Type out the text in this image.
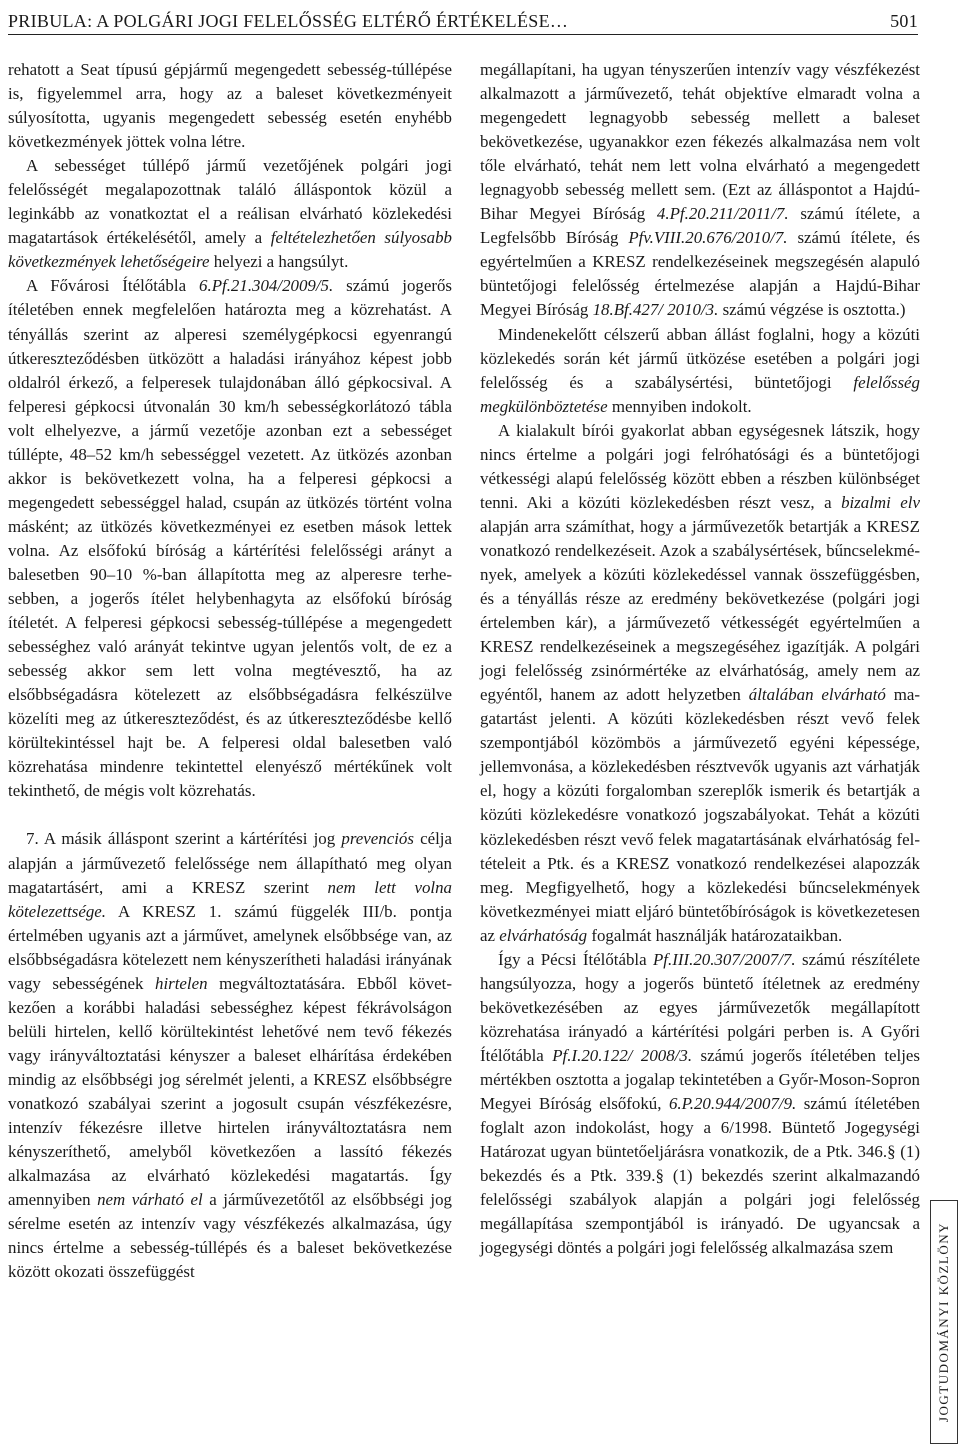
PRIBULA: A POLGÁRI JOGI FELELŐSSÉG ELTÉRŐ ÉRTÉKELÉSE…	501

rehatott a Seat típusú gépjármű megengedett sebesség-túllépése is, figyelemmel arra, hogy az a baleset következményeit súlyosította, ugyanis megengedett sebesség esetén enyhébb következmények jöttek volna létre.

A sebességet túllépő jármű vezetőjének polgári jogi felelősségét megalapozottnak találó álláspontok közül a leginkább az vonatkoztat el a reálisan elvárható közlekedési magatartások értékelésétől, amely a feltételezhetően súlyosabb következmények lehetőségeire helyezi a hangsúlyt.

A Fővárosi Ítélőtábla 6.Pf.21.304/2009/5. számú jogerős ítéletében ennek megfelelően határozta meg a közrehatást. A tényállás szerint az alperesi személygépkocsi egyenrangú útkereszteződésben ütközött a haladási irányához képest jobb oldalról érkező, a felperesek tulajdonában álló gépkocsival. A felperesi gépkocsi útvonalán 30 km/h sebességkorlátozó tábla volt elhelyezve, a jármű vezetője azonban ezt a sebességet túllépte, 48–52 km/h sebességgel vezetett. Az ütközés azonban akkor is bekövetkezett volna, ha a felperesi gépkocsi a megengedett sebességgel halad, csupán az ütközés történt volna másként; az ütközés következményei ez esetben mások lettek volna. Az elsőfokú bíróság a kártérítési felelősségi arányt a balesetben 90–10 %-ban állapította meg az alperesre terhesebben, a jogerős ítélet helybenhagyta az elsőfokú bíróság ítéletét. A felperesi gépkocsi sebesség-túllépése a megengedett sebességhez való arányát tekintve ugyan jelentős volt, de ez a sebesség akkor sem lett volna megtévesztő, ha az elsőbbségadásra kötelezett az elsőbbségadásra felkészülve közelíti meg az útkereszteződést, és az útkereszteződésbe kellő körültekintéssel hajt be. A felperesi oldal balesetben való közrehatása mindenre tekintettel elenyésző mértékűnek volt tekinthető, de mégis volt közrehatás.

7. A másik álláspont szerint a kártérítési jog prevenciós célja alapján a járművezető felelőssége nem állapítható meg olyan magatartásért, ami a KRESZ szerint nem lett volna kötelezettsége. A KRESZ 1. számú függelék III/b. pontja értelmében ugyanis azt a járművet, amelynek elsőbbsége van, az elsőbbségadásra kötelezett nem kényszerítheti haladási irányának vagy sebességének hirtelen megváltoztatására. Ebből következően a korábbi haladási sebességhez képest fékrávolságon belüli hirtelen, kellő körültekintést lehetővé nem tevő fékezés vagy irányváltoztatási kényszer a baleset elhárítása érdekében mindig az elsőbbségi jog sérelmét jelenti, a KRESZ elsőbbségre vonatkozó szabályai szerint a jogosult csupán vészfékezésre, intenzív fékezésre illetve hirtelen irányváltoztatásra nem kényszeríthető, amelyből következően a lassító fékezés alkalmazása az elvárható közlekedési magatartás. Így amennyiben nem várható el a járművezetőtől az elsőbbségi jog sérelme esetén az intenzív vagy vészfékezés alkalmazása, úgy nincs értelme a sebesség-túllépés és a baleset bekövetkezése között okozati összefüggést

megállapítani, ha ugyan tényszerűen intenzív vagy vészfékezést alkalmazott a járművezető, tehát objektíve elmaradt volna a megengedett legnagyobb sebesség mellett a baleset bekövetkezése, ugyanakkor ezen fékezés alkalmazása nem volt tőle elvárható, tehát nem lett volna elvárható a megengedett legnagyobb sebesség mellett sem. (Ezt az álláspontot a Hajdú-Bihar Megyei Bíróság 4.Pf.20.211/2011/7. számú ítélete, a Legfelsőbb Bíróság Pfv.VIII.20.676/2010/7. számú ítélete, és egyértelműen a KRESZ rendelkezéseinek megszegésén alapuló büntetőjogi felelősség értelmezése alapján a Hajdú-Bihar Megyei Bíróság 18.Bf.427/ 2010/3. számú végzése is osztotta.)

Mindenekelőtt célszerű abban állást foglalni, hogy a közúti közlekedés során két jármű ütközése esetében a polgári jogi felelősség és a szabálysértési, büntetőjogi felelősség megkülönböztetése mennyiben indokolt.

A kialakult bírói gyakorlat abban egységesnek látszik, hogy nincs értelme a polgári jogi felróhatósági és a büntetőjogi vétkességi alapú felelősség között ebben a részben különbséget tenni. Aki a közúti közlekedésben részt vesz, a bizalmi elv alapján arra számíthat, hogy a járművezetők betartják a KRESZ vonatkozó rendelkezéseit. Azok a szabálysértések, bűncselekmények, amelyek a közúti közlekedéssel vannak összefüggésben, és a tényállás része az eredmény bekövetkezése (polgári jogi értelemben kár), a járművezető vétkességét egyértelműen a KRESZ rendelkezéseinek a megszegéséhez igazítják. A polgári jogi felelősség zsinórmértéke az elvárhatóság, amely nem az egyéntől, hanem az adott helyzetben általában elvárható magatartást jelenti. A közúti közlekedésben részt vevő felek szempontjából közömbös a járművezető egyéni képessége, jellemvonása, a közlekedésben résztvevők ugyanis azt várhatják el, hogy a közúti forgalomban szereplők ismerik és betartják a közúti közlekedésre vonatkozó jogszabályokat. Tehát a közúti közlekedésben részt vevő felek magatartásának elvárhatóság feltételeit a Ptk. és a KRESZ vonatkozó rendelkezései alapozzák meg. Megfigyelhető, hogy a közlekedési bűncselekmények következményei miatt eljáró büntetőbíróságok is következetesen az elvárhatóság fogalmát használják határozataikban.

Így a Pécsi Ítélőtábla Pf.III.20.307/2007/7. számú részítélete hangsúlyozza, hogy a jogerős büntető ítéletnek az eredmény bekövetkezésében az egyes járművezetők megállapított közrehatása irányadó a kártérítési polgári perben is. A Győri Ítélőtábla Pf.I.20.122/ 2008/3. számú jogerős ítéletében teljes mértékben osztotta a jogalap tekintetében a Győr-Moson-Sopron Megyei Bíróság elsőfokú, 6.P.20.944/2007/9. számú ítéletében foglalt azon indokolást, hogy a 6/1998. Büntető Jogegységi Határozat ugyan büntetőeljárásra vonatkozik, de a Ptk. 346.§ (1) bekezdés és a Ptk. 339.§ (1) bekezdés szerint alkalmazandó felelősségi szabályok alapján a polgári jogi felelősség megállapítása szempontjából is irányadó. De ugyancsak a jogegységi döntés a polgári jogi felelősség alkalmazása szem	JOGTUDOMÁNYI KÖZLÖNY
